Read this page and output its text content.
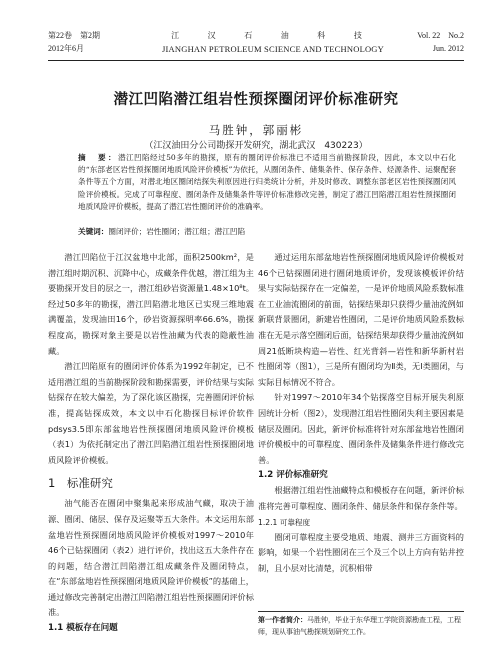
第22卷　第2期	江 汉 石 油 科 技	Vol. 22　No.2
2012年6月	JIANGHAN PETROLEUM SCIENCE AND TECHNOLOGY	Jun. 2012
潜江凹陷潜江组岩性预探圈闭评价标准研究
马胜钟，郭丽彬
（江汉油田分公司勘探开发研究，湖北武汉　430223）
摘　要：潜江凹陷经过50多年的勘探，原有的圈闭评价标准已不适用当前勘探阶段，因此，本文以中石化的“东部老区岩性预探圈闭地质风险评价模板”为依托，从圈闭条件、储集条件、保存条件、烃源条件、运聚配套条件等五个方面，对潜北地区圈闭结探失利原因进行归类统计分析，并及时修改、调整东部老区岩性预探圈闭风险评价模板。完成了可靠程度、圈闭条件及储集条件等评价标准修改完善，制定了潜江凹陷潜江组岩性预探圈闭地质风险评价模板，提高了潜江岩性圈闭评价的准确率。
关键词：圈闭评价；岩性圈闭；潜江组；潜江凹陷

潜江凹陷位于江汉盆地中北部，面积2500km²，是潜江组时期沉积、沉降中心，成藏条件优越，潜江组为主要勘探开发目的层之一，潜江组砂岩资源量1.48×10⁸t。经过50多年的勘探，潜江凹陷潜北地区已实现三维地震满覆盖，发现油田16个，砂岩资源探明率66.6%，勘探程度高，勘探对象主要是以岩性油藏为代表的隐蔽性油藏。

潜江凹陷原有的圈闭评价体系为1992年制定，已不适用潜江组的当前勘探阶段和勘探需要，评价结果与实际钻探存在较大偏差，为了深化该区勘探，完善圈闭评价标准，提高钻探成效，本文以中石化勘探目标评价软件pdsys3.5即东部盆地岩性预探圈闭地质风险评价模板（表1）为依托制定出了潜江凹陷潜江组岩性预探圈闭地质风险评价模板。

1　标准研究

油气能否在圈闭中聚集起来形成油气藏，取决于油源、圈闭、储层、保存及运聚等五大条件。本文运用东部盆地岩性预探圈闭地质风险评价模板对1997～2010年46个已钻探圈闭（表2）进行评价，找出这五大条件存在的问题，结合潜江凹陷潜江组成藏条件及圈闭特点，在“东部盆地岩性预探圈闭地质风险评价模板”的基础上，通过修改完善制定出潜江凹陷潜江组岩性预探圈闭评价标准。

1.1 模板存在问题

通过运用东部盆地岩性预探圈闭地质风险评价模板对46个已钻探圈闭进行圈闭地质评价，发现该模板评价结果与实际钻探存在一定偏差，一是评价地质风险系数标准在工业油流圈闭的前面，钻探结果却只获得少量油流例如新联背景圈闭，新建岩性圈闭，二是评价地质风险系数标准在无是示落空圈闭后面，钻探结果却获得少量油流例如周21低断块构造—岩性、红光背斜—岩性和新华新村岩性圈闭等（图1），三是所有圈闭均为Ⅱ类，无Ⅰ类圈闭，与实际目标情况不符合。

针对1997～2010年34个钻探落空目标开展失利原因统计分析（图2），发现潜江组岩性圈闭失利主要因素是储层及圈闭。因此，新评价标准将针对东部盆地岩性圈闭评价模板中的可靠程度、圈闭条件及储集条件进行修改完善。

1.2 评价标准研究

根据潜江组岩性油藏特点和模板存在问题，新评价标准将完善可靠程度、圈闭条件、储层条件和保存条件等。

1.2.1 可靠程度

圈闭可靠程度主要受地质、地震、测井三方面资料的影响，如果一个岩性圈闭在三个及三个以上方向有钻井控制，且小层对比清楚，沉积相带

第一作者简介：马胜钟，毕业于东华理工学院资源勘查工程，工程师，现从事油气勘探规划研究工作。
